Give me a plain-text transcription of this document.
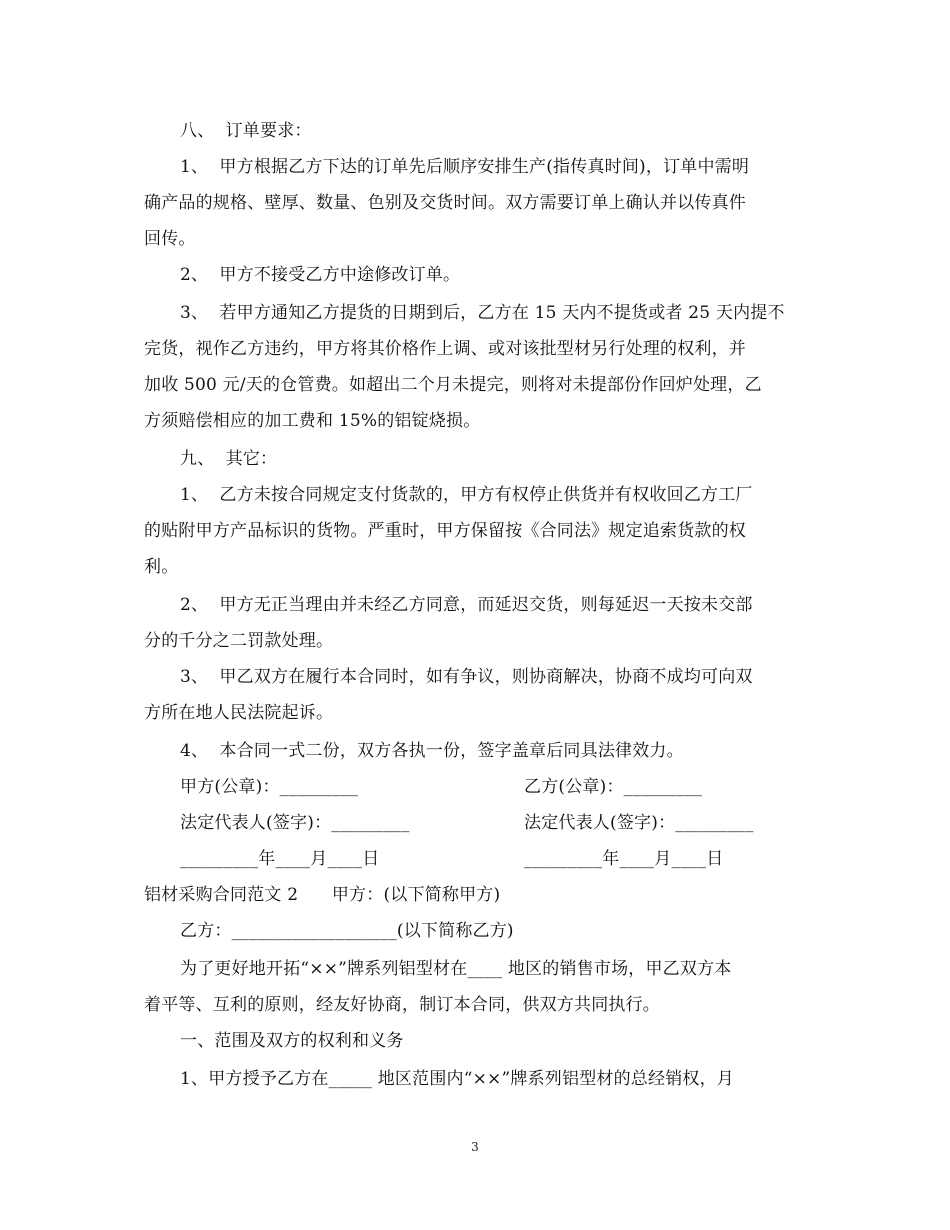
八、  订单要求：
1、  甲方根据乙方下达的订单先后顺序安排生产(指传真时间)，订单中需明
确产品的规格、壁厚、数量、色别及交货时间。双方需要订单上确认并以传真件
回传。
2、  甲方不接受乙方中途修改订单。
3、  若甲方通知乙方提货的日期到后，乙方在 15 天内不提货或者 25 天内提不
完货，视作乙方违约，甲方将其价格作上调、或对该批型材另行处理的权利，并
加收 500 元/天的仓管费。如超出二个月未提完，则将对未提部份作回炉处理，乙
方须赔偿相应的加工费和 15%的铝锭烧损。
九、  其它：
1、  乙方未按合同规定支付货款的，甲方有权停止供货并有权收回乙方工厂
的贴附甲方产品标识的货物。严重时，甲方保留按《合同法》规定追索货款的权
利。
2、  甲方无正当理由并未经乙方同意，而延迟交货，则每延迟一天按未交部
分的千分之二罚款处理。
3、  甲乙双方在履行本合同时，如有争议，则协商解决，协商不成均可向双
方所在地人民法院起诉。
4、  本合同一式二份，双方各执一份，签字盖章后同具法律效力。
甲方(公章)：_________	乙方(公章)：_________
法定代表人(签字)：_________	法定代表人(签字)：_________
_________年____月____日	_________年____月____日
铝材采购合同范文 2      甲方：(以下简称甲方)
乙方：___________________(以下简称乙方)
为了更好地开拓“××”牌系列铝型材在____ 地区的销售市场，甲乙双方本
着平等、互利的原则，经友好协商，制订本合同，供双方共同执行。
一、范围及双方的权利和义务
1、甲方授予乙方在_____ 地区范围内“××”牌系列铝型材的总经销权，月
3
